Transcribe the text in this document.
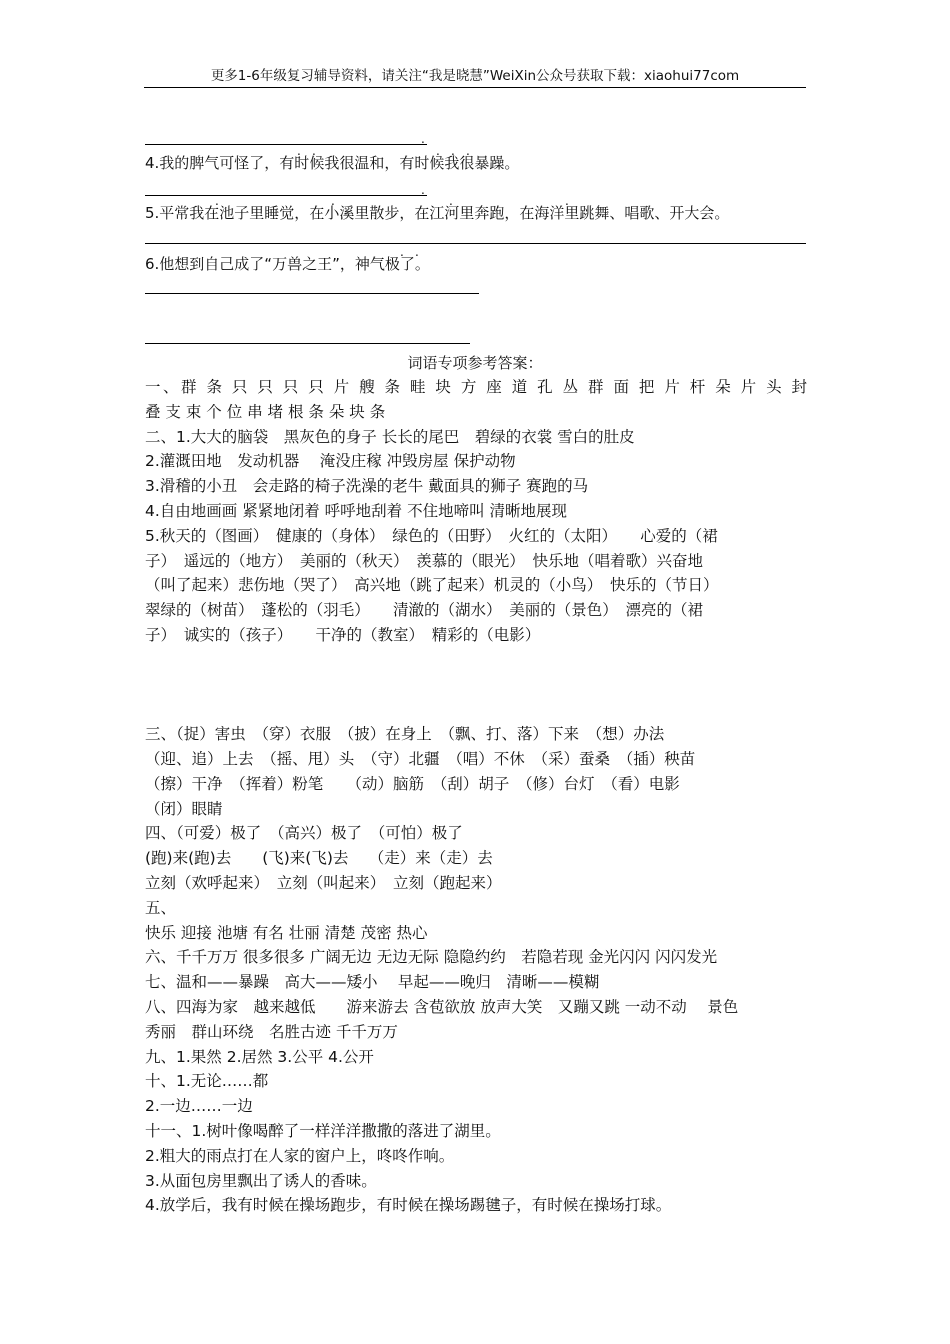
更多1-6年级复习辅导资料，请关注“我是晓慧”WeiXin公众号获取下载：xiaohui77com
.
. .	. . .
4.我的脾气可怪了，有时候我很温和，有时候我很暴躁。
.
.	.	.	.
5.平常我在池子里睡觉，在小溪里散步，在江河里奔跑，在海洋里跳舞、唱歌、开大会。
. .
6.他想到自己成了“万兽之王”，神气极了。
词语专项参考答案：
一、群 条 只 只 只 只 片 艘 条 畦 块 方 座 道 孔 丛 群 面 把 片 杆 朵 片 头 封
叠 支 束 个 位 串 堵 根 条 朵 块 条
二、1.大大的脑袋　黑灰色的身子 长长的尾巴　碧绿的衣裳 雪白的肚皮
2.灌溉田地　发动机器　 淹没庄稼 冲毁房屋 保护动物
3.滑稽的小丑　会走路的椅子洗澡的老牛 戴面具的狮子 赛跑的马
4.自由地画画 紧紧地闭着 呼呼地刮着 不住地啼叫 清晰地展现
5.秋天的（图画）　健康的（身体）　绿色的（田野）　火红的（太阳）　　心爱的（裙
子）　遥远的（地方）　美丽的（秋天）　羡慕的（眼光）　快乐地（唱着歌）兴奋地
（叫了起来）悲伤地（哭了）　高兴地（跳了起来）机灵的（小鸟）　快乐的（节日）
翠绿的（树苗）　蓬松的（羽毛）　　清澈的（湖水）　美丽的（景色）　漂亮的（裙
子）　诚实的（孩子）　　干净的（教室）　精彩的（电影）
三、（捉）害虫　（穿）衣服　（披）在身上　（飘、打、落）下来　（想）办法
（迎、追）上去　（摇、甩）头　（守）北疆　（唱）不休　（采）蚕桑　（插）秧苗
（擦）干净　（挥着）粉笔　　（动）脑筋　（刮）胡子　（修）台灯　（看）电影
（闭）眼睛
四、（可爱）极了　（高兴）极了　（可怕）极了
(跑)来(跑)去　　(飞)来(飞)去　 （走）来（走）去
立刻（欢呼起来）　立刻（叫起来）　立刻（跑起来）
五、
快乐 迎接 池塘 有名 壮丽 清楚 茂密 热心
六、千千万万 很多很多 广阔无边 无边无际 隐隐约约　若隐若现 金光闪闪 闪闪发光
七、温和——暴躁　高大——矮小　 早起——晚归　清晰——模糊
八、四海为家　越来越低　　游来游去 含苞欲放 放声大笑　又蹦又跳 一动不动　 景色
秀丽　群山环绕　名胜古迹 千千万万
九、1.果然 2.居然 3.公平 4.公开
十、1.无论……都
2.一边……一边
十一、1.树叶像喝醉了一样洋洋撒撒的落进了湖里。
2.粗大的雨点打在人家的窗户上，咚咚作响。
3.从面包房里飘出了诱人的香味。
4.放学后，我有时候在操场跑步，有时候在操场踢毽子，有时候在操场打球。
